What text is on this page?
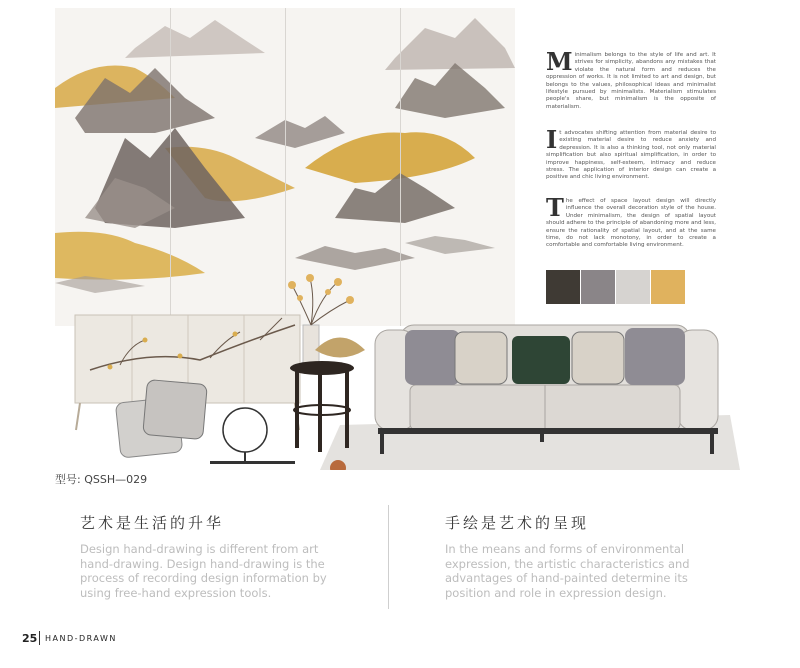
Minimalism belongs to the style of life and art. It strives for simplicity, abandons any mistakes that violate the natural form and reduces the oppression of works. It is not limited to art and design, but belongs to the values, philosophical ideas and minimalist lifestyle pursued by minimalists. Materialism stimulates people's share, but minimalism is the opposite of materialism.
It advocates shifting attention from material desire to existing material desire to reduce anxiety and depression. It is also a thinking tool, not only material simplification but also spiritual simplification, in order to improve happiness, self-esteem, intimacy and reduce stress. The application of interior design can create a positive and chic living environment.
The effect of space layout design will directly influence the overall decoration style of the house. Under minimalism, the design of spatial layout should adhere to the principle of abandoning more and less, ensure the rationality of spatial layout, and at the same time, do not lack monotony, in order to create a comfortable and comfortable living environment.
型号: QSSH—029
艺术是生活的升华
Design hand-drawing is different from art hand-drawing. Design hand-drawing is the process of recording design information by using free-hand expression tools.
手绘是艺术的呈现
In the means and forms of environmental expression, the artistic characteristics and advantages of hand-painted determine its position and role in expression design.
25 HAND-DRAWN
